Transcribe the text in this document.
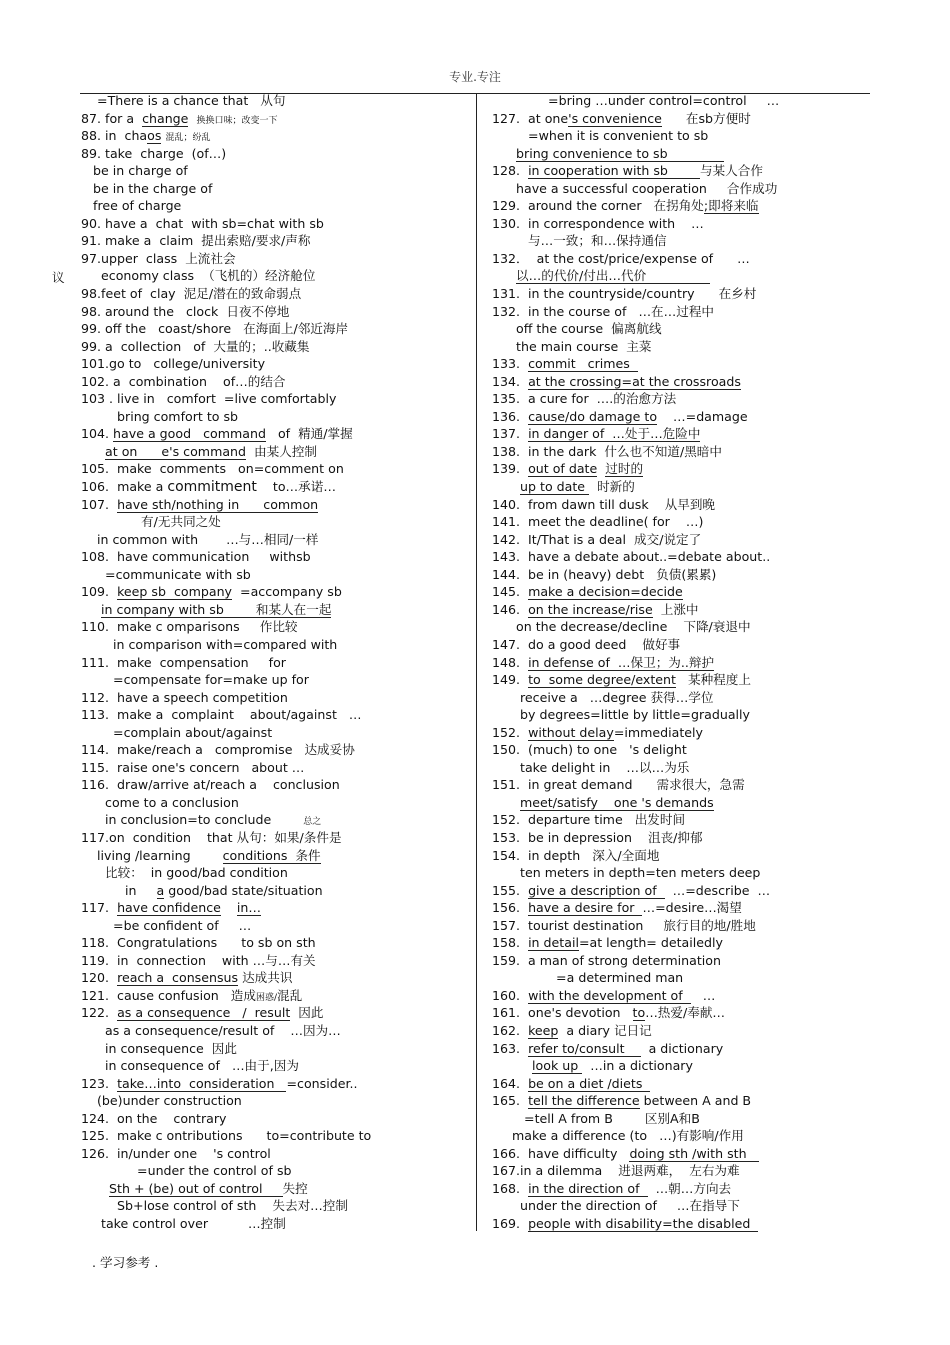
专业.专注
议
=There is a chance that   从句
87. for a  change 换换口味；改变一下
88. in  chaos 混乱；纷乱
89. take  charge  (of…)
be in charge of
be in the charge of
free of charge
90. have a  chat  with sb=chat with sb
91. make a  claim  提出索赔/要求/声称
97.upper  class  上流社会
economy class  （飞机的）经济舱位
98.feet of  clay  泥足/潜在的致命弱点
98. around the   clock  日夜不停地
99. off the   coast/shore   在海面上/邻近海岸
99. a  collection   of  大量的；..收藏集
101.go to   college/university
102. a  combination    of…的结合
103 . live in   comfort  =live comfortably
bring comfort to sb
104. have a good   command   of  精通/掌握
at on      e's command  由某人控制
105.  make  comments   on=comment on
106.  make a commitment    to…承诺…
107.  have sth/nothing in      common
有/无共同之处
in common with       …与…相同/一样
108.  have communication     withsb
=communicate with sb
109.  keep sb  company  =accompany sb
in company with sb        和某人在一起
110.  make c omparisons     作比较
in comparison with=compared with
111.  make  compensation     for
=compensate for=make up for
112.  have a speech competition
113.  make a  complaint    about/against   …
=complain about/against
114.  make/reach a   compromise   达成妥协
115.  raise one's concern   about …
116.  draw/arrive at/reach a    conclusion
come to a conclusion
in conclusion=to conclude        总之
117.on  condition    that 从句：如果/条件是
living /learning        conditions  条件
比较：  in good/bad condition
in     a good/bad state/situation
117.  have confidence in…
=be confident of     …
118.  Congratulations      to sb on sth
119.  in  connection    with …与…有关
120.  reach a  consensus 达成共识
121.  cause confusion   造成困惑/混乱
122.  as a consequence   /  result  因此
as a consequence/result of    …因为…
in consequence  因此
in consequence of   …由于,因为
123.  take…into  consideration   =consider..
(be)under construction
124.  on the    contrary
125.  make c ontributions      to=contribute to
126.  in/under one    's control
=under the control of sb
Sth + (be) out of control     失控
Sb+lose control of sth    失去对…控制
take control over          …控制
=bring …under control=control     …
127.  at one's convenience      在sb方便时
=when it is convenient to sb
bring convenience to sb
128.  in cooperation with sb        与某人合作
have a successful cooperation     合作成功
129.  around the corner   在拐角处;即将来临
130.  in correspondence with    …
与…一致；和…保持通信
132．  at the cost/price/expense of      …
以…的代价/付出…代价
131.  in the countryside/country      在乡村
132.  in the course of   …在…过程中
off the course  偏离航线
the main course  主菜
133.  commit   crimes
134.  at the crossing=at the crossroads
135.  a cure for  ….的治愈方法
136.  cause/do damage to    …=damage
137.  in danger of  …处于…危险中
138.  in the dark  什么也不知道/黑暗中
139.  out of date 过时的
up to date   时新的
140.  from dawn till dusk    从早到晚
141.  meet the deadline( for    …)
142.  It/That is a deal  成交/说定了
143.  have a debate about..=debate about..
144.  be in (heavy) debt   负债(累累)
145.  make a decision=decide
146.  on the increase/rise  上涨中
on the decrease/decline    下降/衰退中
147.  do a good deed    做好事
148.  in defense of  …保卫；为..辩护
149.  to  some degree/extent   某种程度上
receive a   …degree 获得…学位
by degrees=little by little=gradually
152.  without delay=immediately
150.  (much) to one   's delight
take delight in    …以…为乐
151.  in great demand      需求很大，急需
meet/satisfy    one 's demands
152.  departure time   出发时间
153.  be in depression    沮丧/抑郁
154.  in depth   深入/全面地
ten meters in depth=ten meters deep
155.  give a description of    …=describe  …
156.  have a desire for  …=desire…渴望
157.  tourist destination     旅行目的地/胜地
158.  in detail=at length= detailedly
159.  a man of strong determination
=a determined man
160.  with the development of     …
161.  one's devotion   to…热爱/奉献…
162.  keep  a diary 记日记
163.  refer to/consult      a dictionary
look up   …in a dictionary
164.  be on a diet /diets
165.  tell the difference between A and B
=tell A from B        区别A和B
make a difference (to   …)有影响/作用
166.  have difficulty   doing sth /with sth
167.in a dilemma    进退两难，  左右为难
168.  in the direction of    …朝…方向去
under the direction of     …在指导下
169.  people with disability=the disabled
. 学习参考 .
